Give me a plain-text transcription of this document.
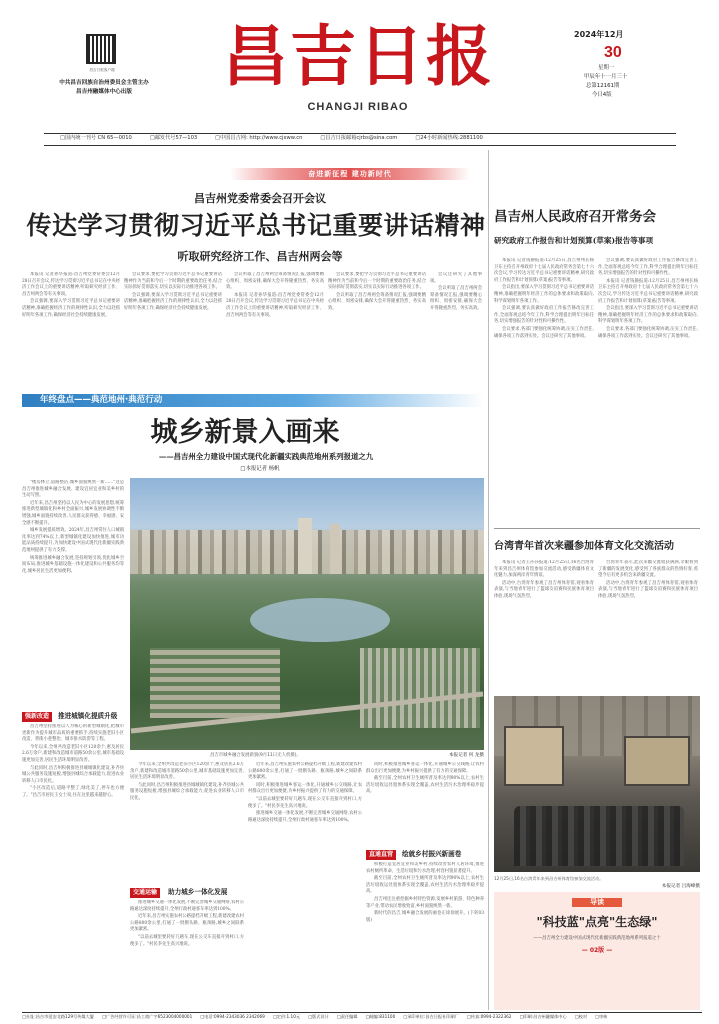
昌吉日报客户端
中共昌吉回族自治州委员会主管主办
昌吉州融媒体中心出版	昌吉日报
CHANGJI RIBAO
2024年12月
30
星期一
甲辰年十一月三十
总第12161期
今日4版
□国内统一刊号 CN 65—0010	□邮发代号57—103	□中国昌吉网: http://www.cjxww.cn	□昌吉日报邮箱cjrbs@sina.com	□24小时新闻热线:2881100
奋进新征程 建功新时代
昌吉州党委常委会召开会议
传达学习贯彻习近平总书记重要讲话精神
听取研究经济工作、昌吉州两会等

本报讯 记者孙华报道:昌吉州党委常委会12月28日召开会议,传达学习贯彻习近平总书记在中央经济工作会议上的重要讲话精神,听取研究经济工作、昌吉州两会等有关事项。

会议强调,要深入学习贯彻习近平总书记重要讲话精神,准确把握经济工作的规律性认识,全力以赴抓好明年各项工作,确保经济社会持续健康发展。

会议要求,要把学习贯彻习近平总书记重要讲话精神作为当前和今后一个时期的重要政治任务,结合实际抓好贯彻落实,切实以实际行动推进各项工作。

会议强调,要深入学习贯彻习近平总书记重要讲话精神,准确把握经济工作的规律性认识,全力以赴抓好明年各项工作,确保经济社会持续健康发展。

会议听取了昌吉州两会筹备情况汇报,强调要精心组织、周密安排,确保大会开得隆重热烈、务实高效。

本报讯 记者孙华报道:昌吉州党委常委会12月28日召开会议,传达学习贯彻习近平总书记在中央经济工作会议上的重要讲话精神,听取研究经济工作、昌吉州两会等有关事项。

会议要求,要把学习贯彻习近平总书记重要讲话精神作为当前和今后一个时期的重要政治任务,结合实际抓好贯彻落实,切实以实际行动推进各项工作。

会议听取了昌吉州两会筹备情况汇报,强调要精心组织、周密安排,确保大会开得隆重热烈、务实高效。

会议还研究了其他事项。

会议听取了昌吉州两会筹备情况汇报,强调要精心组织、周密安排,确保大会开得隆重热烈、务实高效。

昌吉州人民政府召开常务会
研究政府工作报告和计划预算(草案)报告等事项

本报讯 记者钱静报道:12月25日,昌吉州州长杨卫东主持召开州政府十七届人民政府常务会第七十六次会议,学习传达习近平总书记重要讲话精神,研究政府工作报告和计划预算(草案)报告等事项。

会议指出,要深入学习贯彻习近平总书记重要讲话精神,准确把握明年经济工作的总体要求和政策取向,科学谋划明年各项工作。

会议强调,要认真做好政府工作报告修改完善工作,全面客观总结今年工作,科学合理提出明年目标任务,切实增强报告的针对性和可操作性。

会议要求,各部门要强化统筹协调,压实工作责任,确保各项工作落到实处。会议还研究了其他事项。

会议强调,要认真做好政府工作报告修改完善工作,全面客观总结今年工作,科学合理提出明年目标任务,切实增强报告的针对性和可操作性。

本报讯 记者钱静报道:12月25日,昌吉州州长杨卫东主持召开州政府十七届人民政府常务会第七十六次会议,学习传达习近平总书记重要讲话精神,研究政府工作报告和计划预算(草案)报告等事项。

会议指出,要深入学习贯彻习近平总书记重要讲话精神,准确把握明年经济工作的总体要求和政策取向,科学谋划明年各项工作。

会议要求,各部门要强化统筹协调,压实工作责任,确保各项工作落到实处。会议还研究了其他事项。

台湾青年首次来疆参加体育文化交流活动

本报讯 记者王莎莎报道:12月25日,16名台湾青年来到昌吉州体育馆参加交流活动,感受新疆体育文化魅力,加深两岸青年情谊。

活动中,台湾青年参观了昌吉州体育馆,观看体育表演,与当地青年进行了篮球友谊赛和民族体育项目体验,现场气氛热烈。

台湾青年表示,此次来疆交流收获满满,亲眼看到了新疆的发展变化,感受到了各族群众的热情好客,希望今后有更多机会来新疆交流。

活动中,台湾青年参观了昌吉州体育馆,观看体育表演,与当地青年进行了篮球友谊赛和民族体育项目体验,现场气氛热烈。

12月25日,16名台湾青年来到昌吉州体育馆参加交流活动。
本报记者 吕海峰摄
导读
"科技蓝"点亮"生态绿"
——昌吉州全力建设中国式现代化新疆实践典范地州系列报道之十
— 02版 —
年终盘点——典范地州·典范行动
城乡新景入画来
——昌吉州全力建设中国式现代化新疆实践典范地州系列报道之九
□本报记者 杨帆

"楼房林立,道路整洁,城乡面貌焕然一新……"这是昌吉州推进城乡融合发展、建设宜居宜业和美乡村的生动写照。

近年来,昌吉州坚持以人民为中心的发展思想,统筹推进新型城镇化和乡村全面振兴,城乡发展协调性不断增强,城乡面貌持续改善,人民群众获得感、幸福感、安全感不断提升。

城乡发展提质增效。2024年,昌吉州常住人口城镇化率达到74%以上,新型城镇化建设加快推进,城市功能品质持续提升,为加快建设中国式现代化新疆实践典范地州提供了有力支撑。

统筹推进城乡融合发展,坚持规划引领,优化城乡空间布局,推进城乡基础设施一体化建设和公共服务均等化,城乡居民生活更加便利。

昌吉市城乡融合发展新貌(9月11日无人机摄)。	本报记者 何 龙摄
强新改造	推进城镇化提质升级

昌吉州坚持推进以人为核心的新型城镇化,把城市更新作为提升城市品质的重要抓手,持续实施老旧小区改造、背街小巷整治、城市排水防涝等工程。

今年以来,全州共改造老旧小区120余个,惠及居民2.6万余户,新建和改造城市道路50余公里,城市基础设施更加完善,居民生活环境明显改善。

与此同时,昌吉州积极推进县城城镇化建设,补齐县城公共服务设施短板,增强县城综合承载能力,促进农业转移人口市民化。

"小区改造后,道路平整了,绿化美了,停车也方便了。"昌吉市居民王女士说,住在这里越来越舒心。

今年以来,全州共改造老旧小区120余个,惠及居民2.6万余户,新建和改造城市道路50余公里,城市基础设施更加完善,居民生活环境明显改善。

与此同时,昌吉州积极推进县城城镇化建设,补齐县城公共服务设施短板,增强县城综合承载能力,促进农业转移人口市民化。

交通运输	助力城乡一体化发展

推进城乡交通一体化发展,不断完善城乡交通网络,农村公路通达深度持续提升,全州行政村通客车率达到100%。

近年来,昌吉州实施农村公路提档升级工程,新建改建农村公路800余公里,打通了一批断头路、瓶颈路,城乡之间联系更加紧密。

"以前去城里要转好几趟车,现在公交车直接开到村口,方便多了。"村民李先生高兴地说。

近年来,昌吉州实施农村公路提档升级工程,新建改建农村公路800余公里,打通了一批断头路、瓶颈路,城乡之间联系更加紧密。

同时,积极推进城乡客运一体化,开通城乡公交线路,让农村群众出行更加便捷,为乡村振兴提供了有力的交通保障。

"以前去城里要转好几趟车,现在公交车直接开到村口,方便多了。"村民李先生高兴地说。

推进城乡交通一体化发展,不断完善城乡交通网络,农村公路通达深度持续提升,全州行政村通客车率达到100%。

同时,积极推进城乡客运一体化,开通城乡公交线路,让农村群众出行更加便捷,为乡村振兴提供了有力的交通保障。

截至目前,全州农村卫生厕所普及率达到90%以上,农村生活垃圾收运处置体系实现全覆盖,农村生活污水治理率稳步提高。

直通直营	绘就乡村振兴新画卷

积极打造宜居宜业和美乡村,持续改善农村人居环境,推进农村厕所革命、生活垃圾和污水治理,村容村貌显著提升。

截至目前,全州农村卫生厕所普及率达到90%以上,农村生活垃圾收运处置体系实现全覆盖,农村生活污水治理率稳步提高。

昌吉州还注重挖掘乡村特色资源,发展乡村旅游、特色种养等产业,带动农民增收致富,乡村面貌焕然一新。

新时代的昌吉,城乡融合发展的画卷正徐徐展开。(下转03版)

□社址:昌吉市延安北路129号传媒大厦 □广告经营许可证:昌工商广字6523004000001 □电话:0994-2343036 2342069 □定价:1.10元 □版式设计 □责任编辑 □邮编:831100 □承印单位:昌吉日报社印刷厂 □传真:0994-2322362 □印刷:昌吉州融媒体中心 □校对 □审核
